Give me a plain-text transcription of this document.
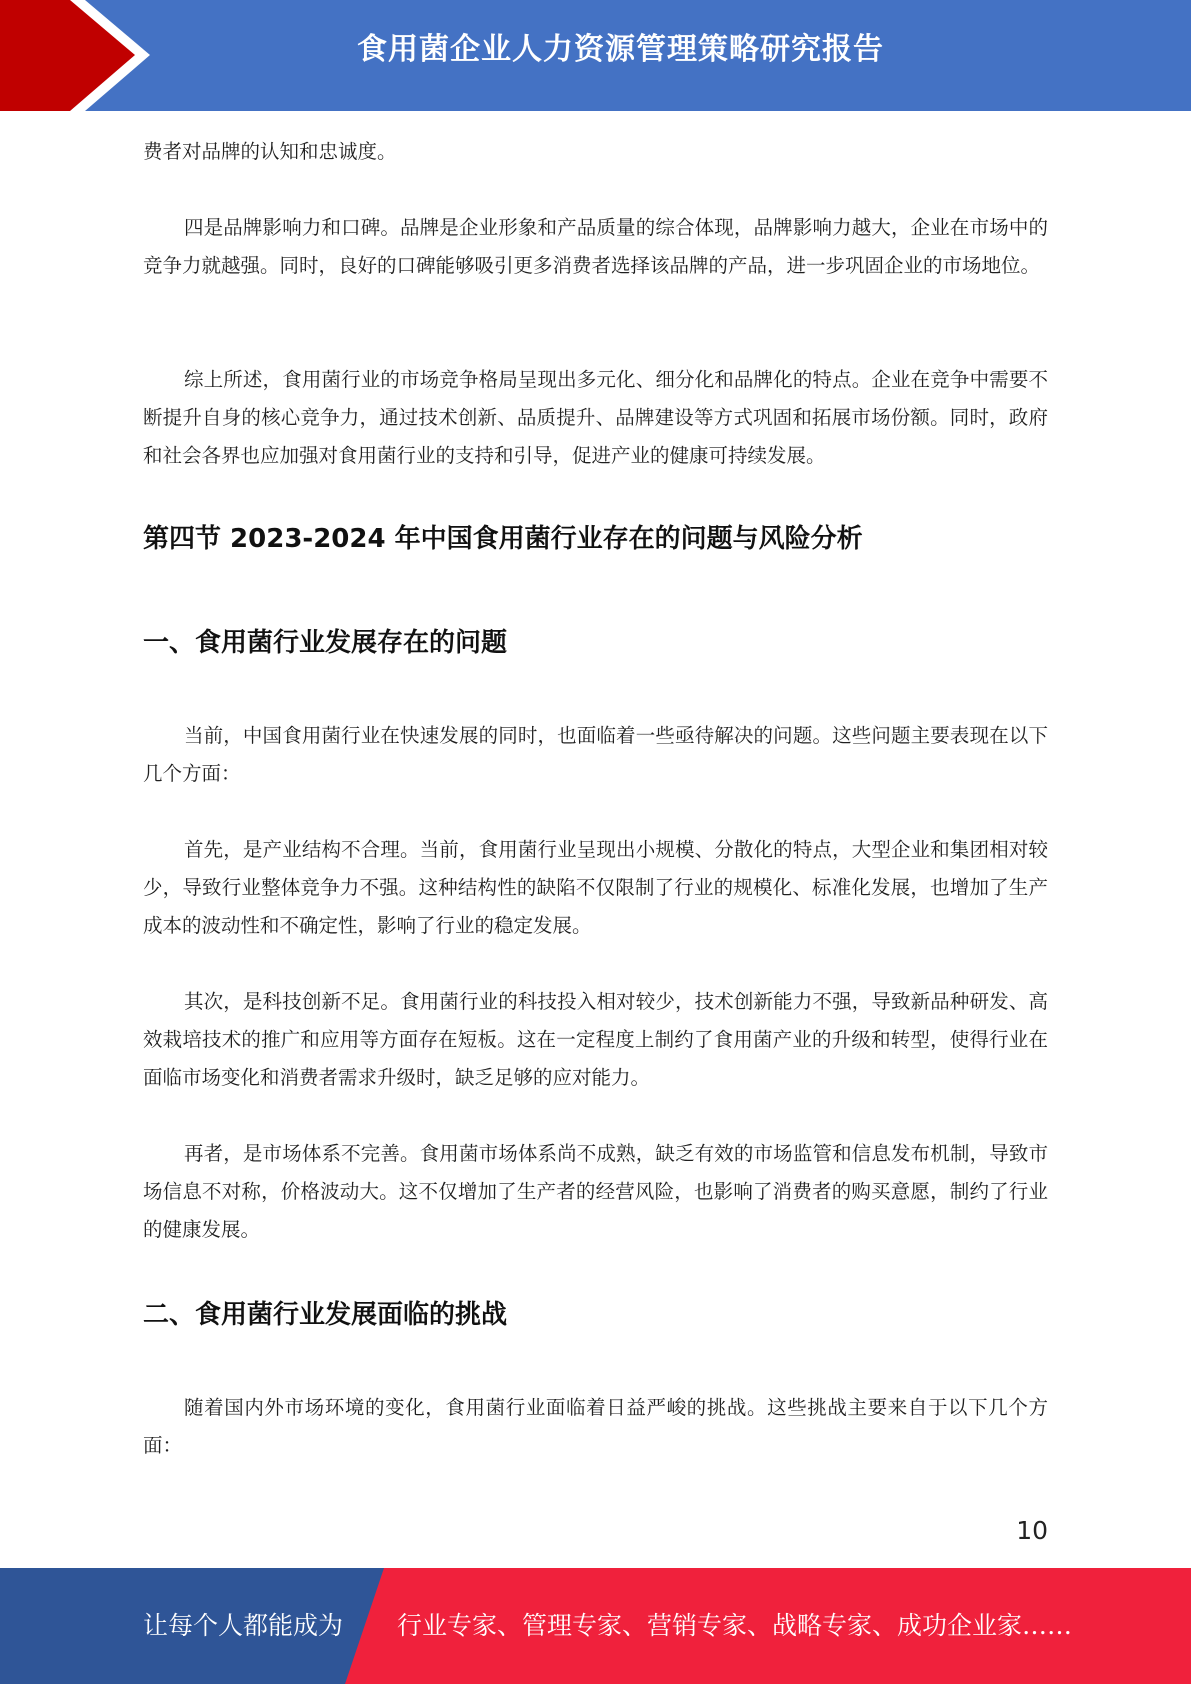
食用菌企业人力资源管理策略研究报告

费者对品牌的认知和忠诚度。

四是品牌影响力和口碑。品牌是企业形象和产品质量的综合体现，品牌影响力越大，企业在市场中的竞争力就越强。同时，良好的口碑能够吸引更多消费者选择该品牌的产品，进一步巩固企业的市场地位。

综上所述，食用菌行业的市场竞争格局呈现出多元化、细分化和品牌化的特点。企业在竞争中需要不断提升自身的核心竞争力，通过技术创新、品质提升、品牌建设等方式巩固和拓展市场份额。同时，政府和社会各界也应加强对食用菌行业的支持和引导，促进产业的健康可持续发展。

第四节 2023-2024 年中国食用菌行业存在的问题与风险分析
一、食用菌行业发展存在的问题

当前，中国食用菌行业在快速发展的同时，也面临着一些亟待解决的问题。这些问题主要表现在以下几个方面：

首先，是产业结构不合理。当前，食用菌行业呈现出小规模、分散化的特点，大型企业和集团相对较少，导致行业整体竞争力不强。这种结构性的缺陷不仅限制了行业的规模化、标准化发展，也增加了生产成本的波动性和不确定性，影响了行业的稳定发展。

其次，是科技创新不足。食用菌行业的科技投入相对较少，技术创新能力不强，导致新品种研发、高效栽培技术的推广和应用等方面存在短板。这在一定程度上制约了食用菌产业的升级和转型，使得行业在面临市场变化和消费者需求升级时，缺乏足够的应对能力。

再者，是市场体系不完善。食用菌市场体系尚不成熟，缺乏有效的市场监管和信息发布机制，导致市场信息不对称，价格波动大。这不仅增加了生产者的经营风险，也影响了消费者的购买意愿，制约了行业的健康发展。

二、食用菌行业发展面临的挑战

随着国内外市场环境的变化，食用菌行业面临着日益严峻的挑战。这些挑战主要来自于以下几个方面：

10
让每个人都能成为 行业专家、管理专家、营销专家、战略专家、成功企业家……
